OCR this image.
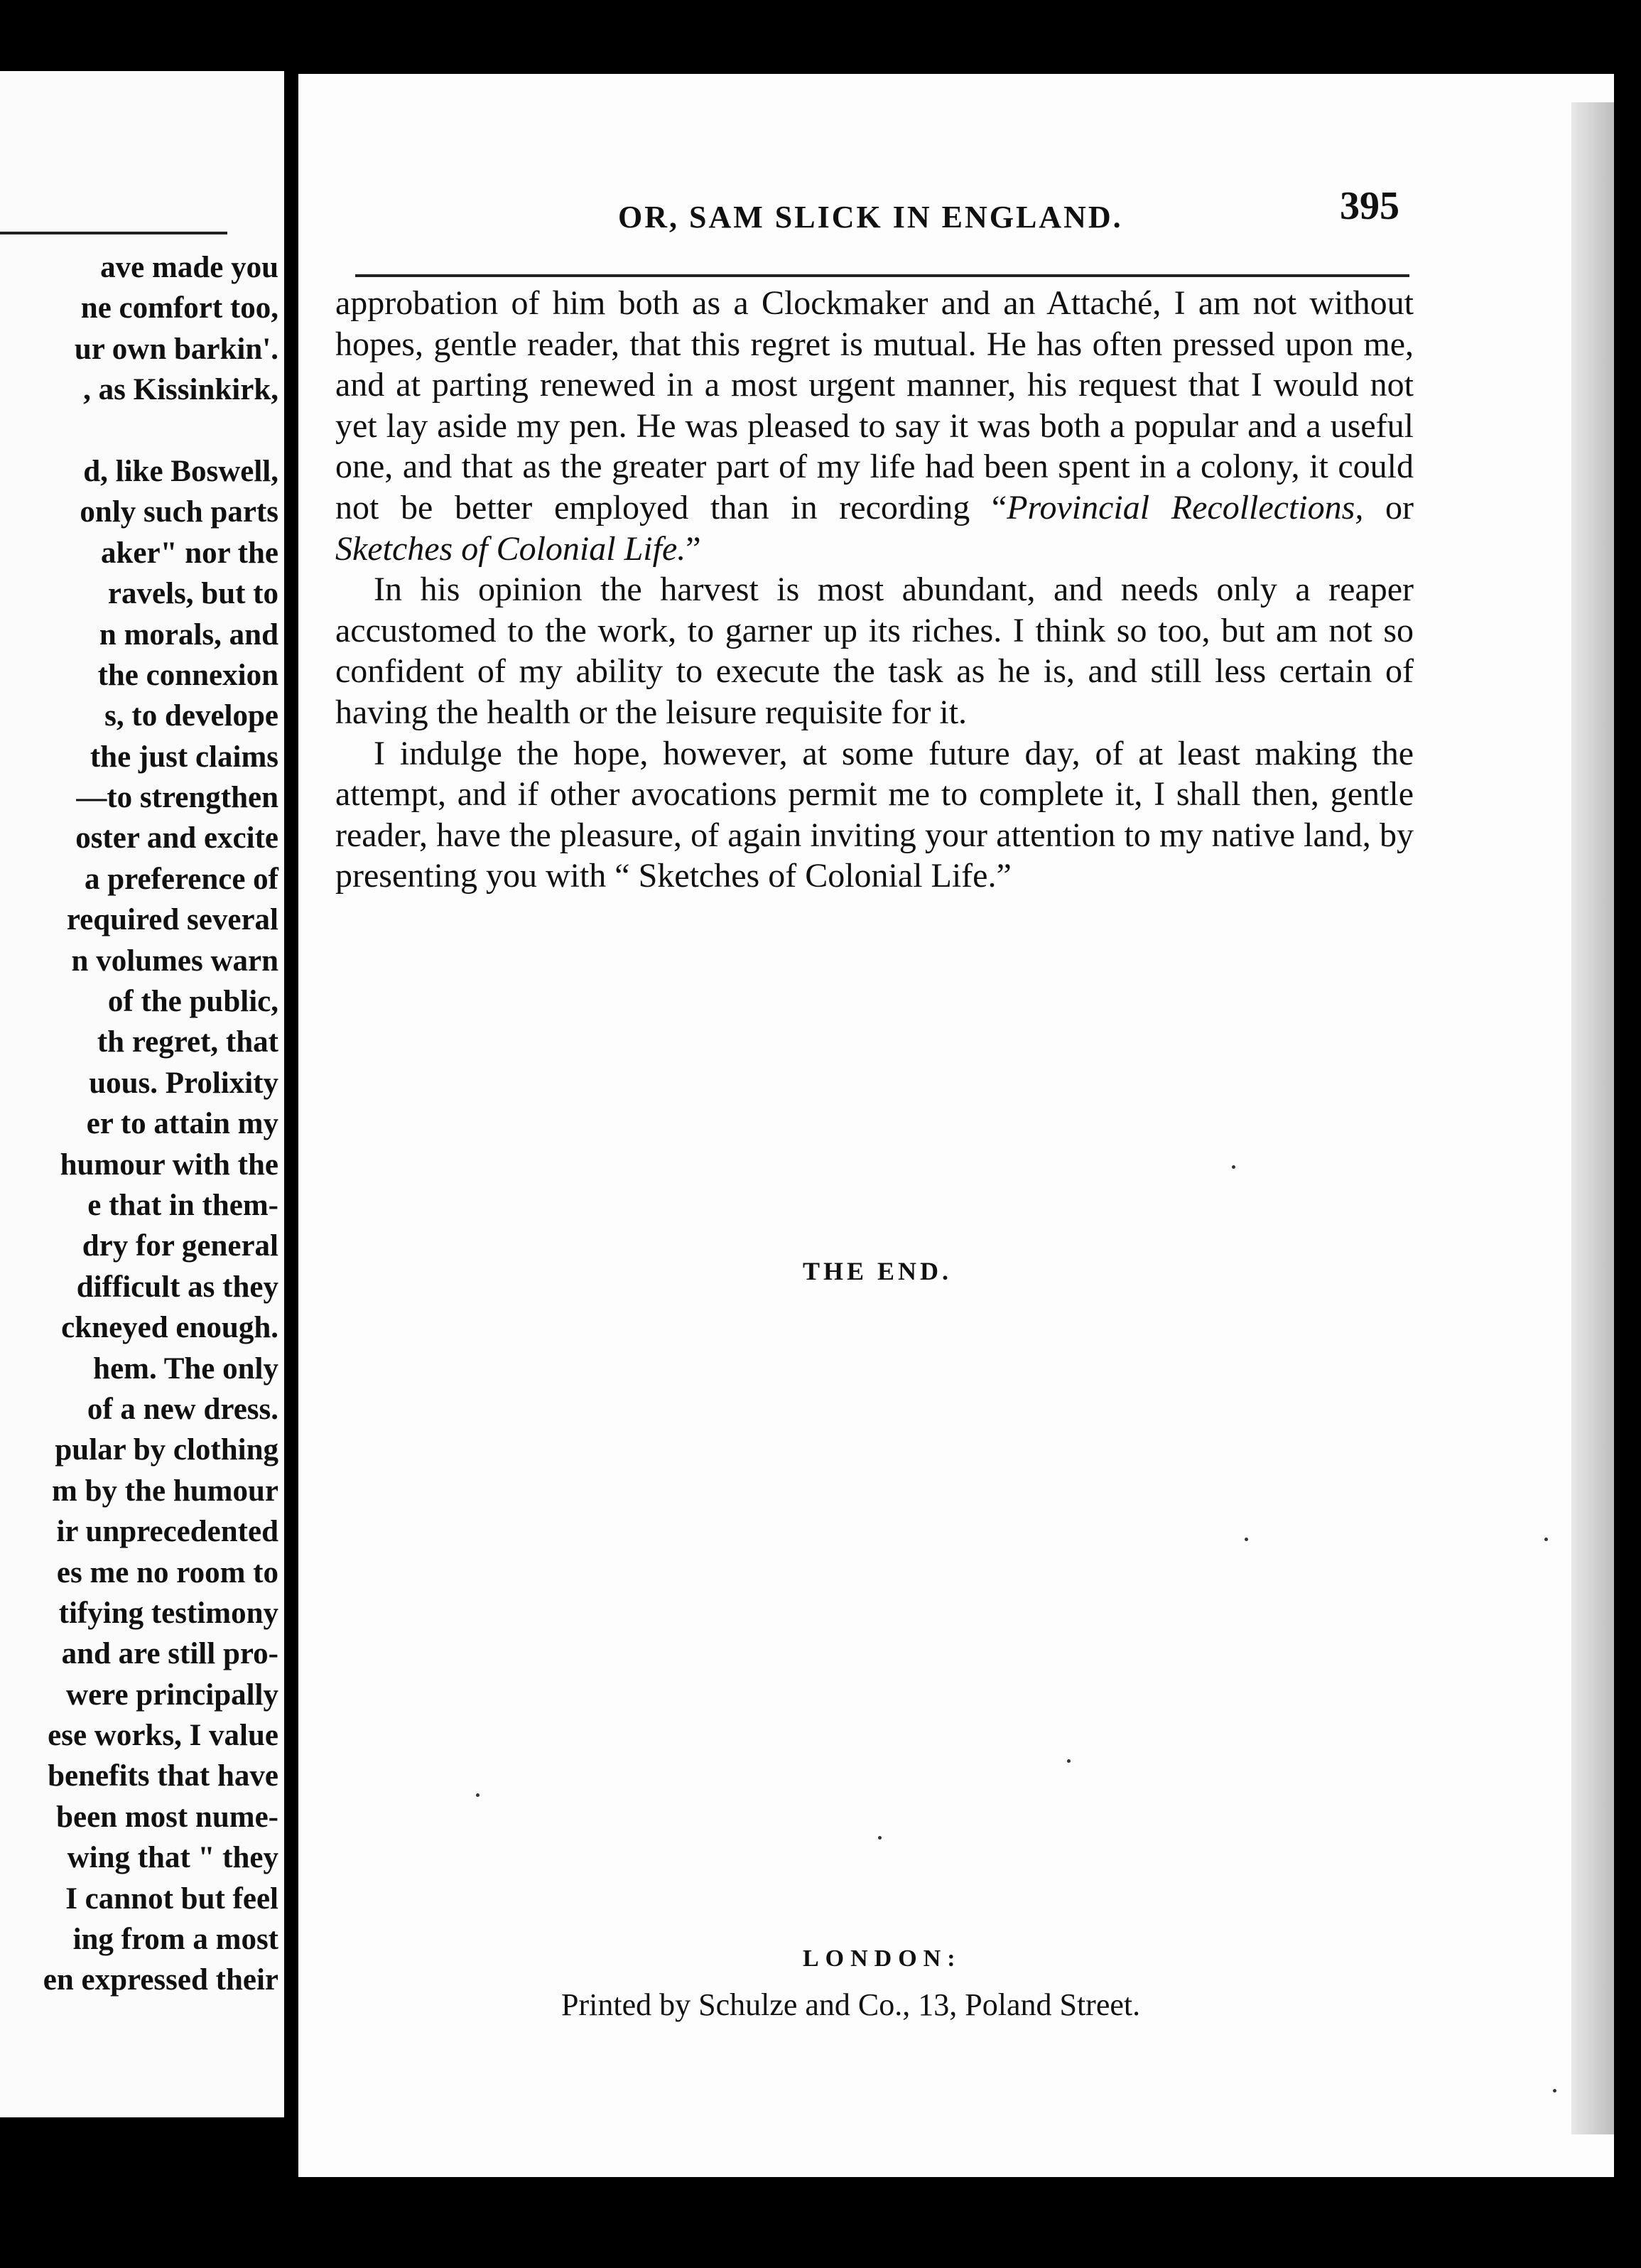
ave made you
ne comfort too,
ur own barkin'.
, as Kissinkirk,
d, like Boswell,
only such parts
aker" nor the
ravels, but to
n morals, and
the connexion
s, to develope
the just claims
—to strengthen
oster and excite
a preference of
required several
n volumes warn
of the public,
th regret, that
uous. Prolixity
er to attain my
humour with the
e that in them-
dry for general
difficult as they
ckneyed enough.
hem. The only
of a new dress.
pular by clothing
m by the humour
ir unprecedented
es me no room to
tifying testimony
and are still pro-
were principally
ese works, I value
benefits that have
been most nume-
wing that " they
I cannot but feel
ing from a most
en expressed their
OR, SAM SLICK IN ENGLAND.	395

approbation of him both as a Clockmaker and an Attaché, I am not without hopes, gentle reader, that this regret is mutual. He has often pressed upon me, and at parting renewed in a most urgent manner, his request that I would not yet lay aside my pen. He was pleased to say it was both a popular and a useful one, and that as the greater part of my life had been spent in a colony, it could not be better employed than in recording “Provincial Recollections, or Sketches of Colonial Life.”

In his opinion the harvest is most abundant, and needs only a reaper accustomed to the work, to garner up its riches. I think so too, but am not so confident of my ability to execute the task as he is, and still less certain of having the health or the leisure requisite for it.

I indulge the hope, however, at some future day, of at least making the attempt, and if other avocations permit me to complete it, I shall then, gentle reader, have the pleasure, of again inviting your attention to my native land, by presenting you with “ Sketches of Colonial Life.”

THE END.
LONDON:
Printed by Schulze and Co., 13, Poland Street.
